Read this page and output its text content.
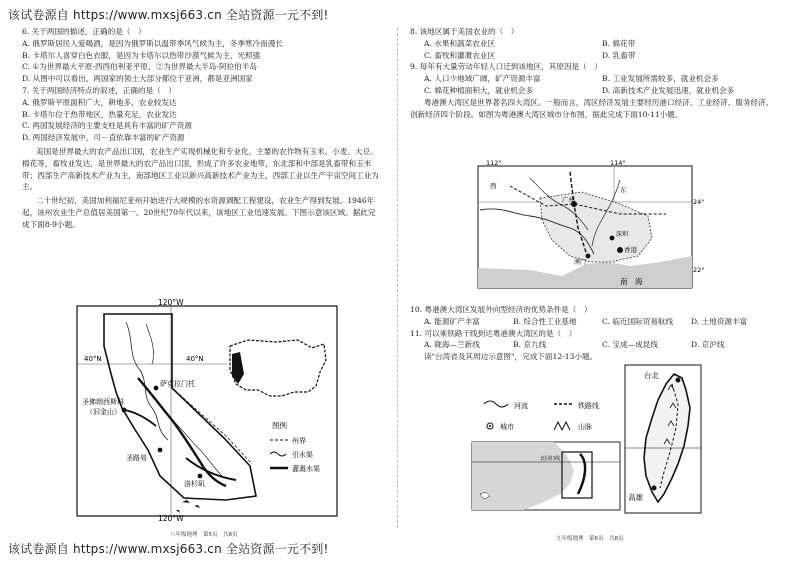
该试卷源自 https://www.mxsj663.cn 全站资源一元不到!
6. 关于两国的描述，正确的是（　）
A. 俄罗斯居民人爱喝酒，是因为俄罗斯以温带季风气候为主，冬季寒冷而漫长
B. 卡塔尔人喜穿白色衣服，是因为卡塔尔以热带沙漠气候为主，光照强
C. ①为世界最大平原-西西伯利亚平原，②为世界最大半岛-阿拉伯半岛
D. 从图中可以看出，两国家的领土大部分都位于亚洲，都是亚洲国家
7. 关于两国经济特点的叙述，正确的是（　）
A. 俄罗斯平原面积广大，耕地多，农业较发达
B. 卡塔尔位于热带地区，热量充足，农业发达
C. 两国发展经济的主要支柱是具有丰富的矿产资源
D. 两国经济发展中，可－直依靠丰富的矿产资源
美国是世界最大的农产品出口国，农业生产实现机械化和专业化，主要的农作物有玉米、小麦、大豆、棉花等，畜牧业发达，是世界最大的农产品出口国，形成了许多农业地带，东北部和中部是乳畜带和玉米带；西部生产高新技术产业为主，南部地区工业以新兴高新技术产业为主，西部工业以生产宇宙空间工业为主。
二十世纪初，美国加利福尼亚州开始进行大规模的水资源调配工程建设，农业生产得到发展。1946年起，该州农业生产总值居美国第一。20世纪70年代以来，该地区工业迅速发展。下图示意该区域。据此完成下面8-9小题。
120°W
120°W
40°N	40°N
萨克拉门托
圣佛朗西斯科
（旧金山）
圣路易
洛杉矶
图例
州界
引水渠
灌溉水渠
八年级地理　第5页　共8页
8. 该地区属于美国农业的（　）
A. 水果和蔬菜农业区	B. 棉花带
C. 畜牧和灌溉农业区	D. 乳畜带
9. 每年有大量劳动年轻人口迁到该地区，其原因是（　）
A. 人口少地域广阔，矿产资源丰富	B. 工业发展所需较多，就业机会多
C. 棉花种植面积大，就业机会多	D. 高新技术产业发展迅速，就业机会多
粤港澳大湾区是世界著名四大湾区。一般而言，湾区经济发展主要经历港口经济、工业经济、服务经济、创新经济四个阶段。如图为粤港澳大湾区城市分布图，据此完成下面10-11小题。
112°	114°
24°
22°
南　海
广州
东
深圳
香港
澳门
西
10. 粤港澳大湾区发展外向型经济的优势条件是（　）
A. 能源矿产丰富	B. 综合性工业基地	C. 临近国际贸易航线	D. 土地资源丰富
11. 可以乘铁路干线到达粤港澳大湾区的是（　）
A. 陇海—兰新线	B. 京九线	C. 宝成—成昆线	D. 京沪线
读"台湾省及其周边示意图"，完成下面12-13小题。
河流	铁路线
城市	山脉
北回归线
台北
高雄
九年级地理　第6页　共8页
该试卷源自 https://www.mxsj663.cn 全站资源一元不到!
